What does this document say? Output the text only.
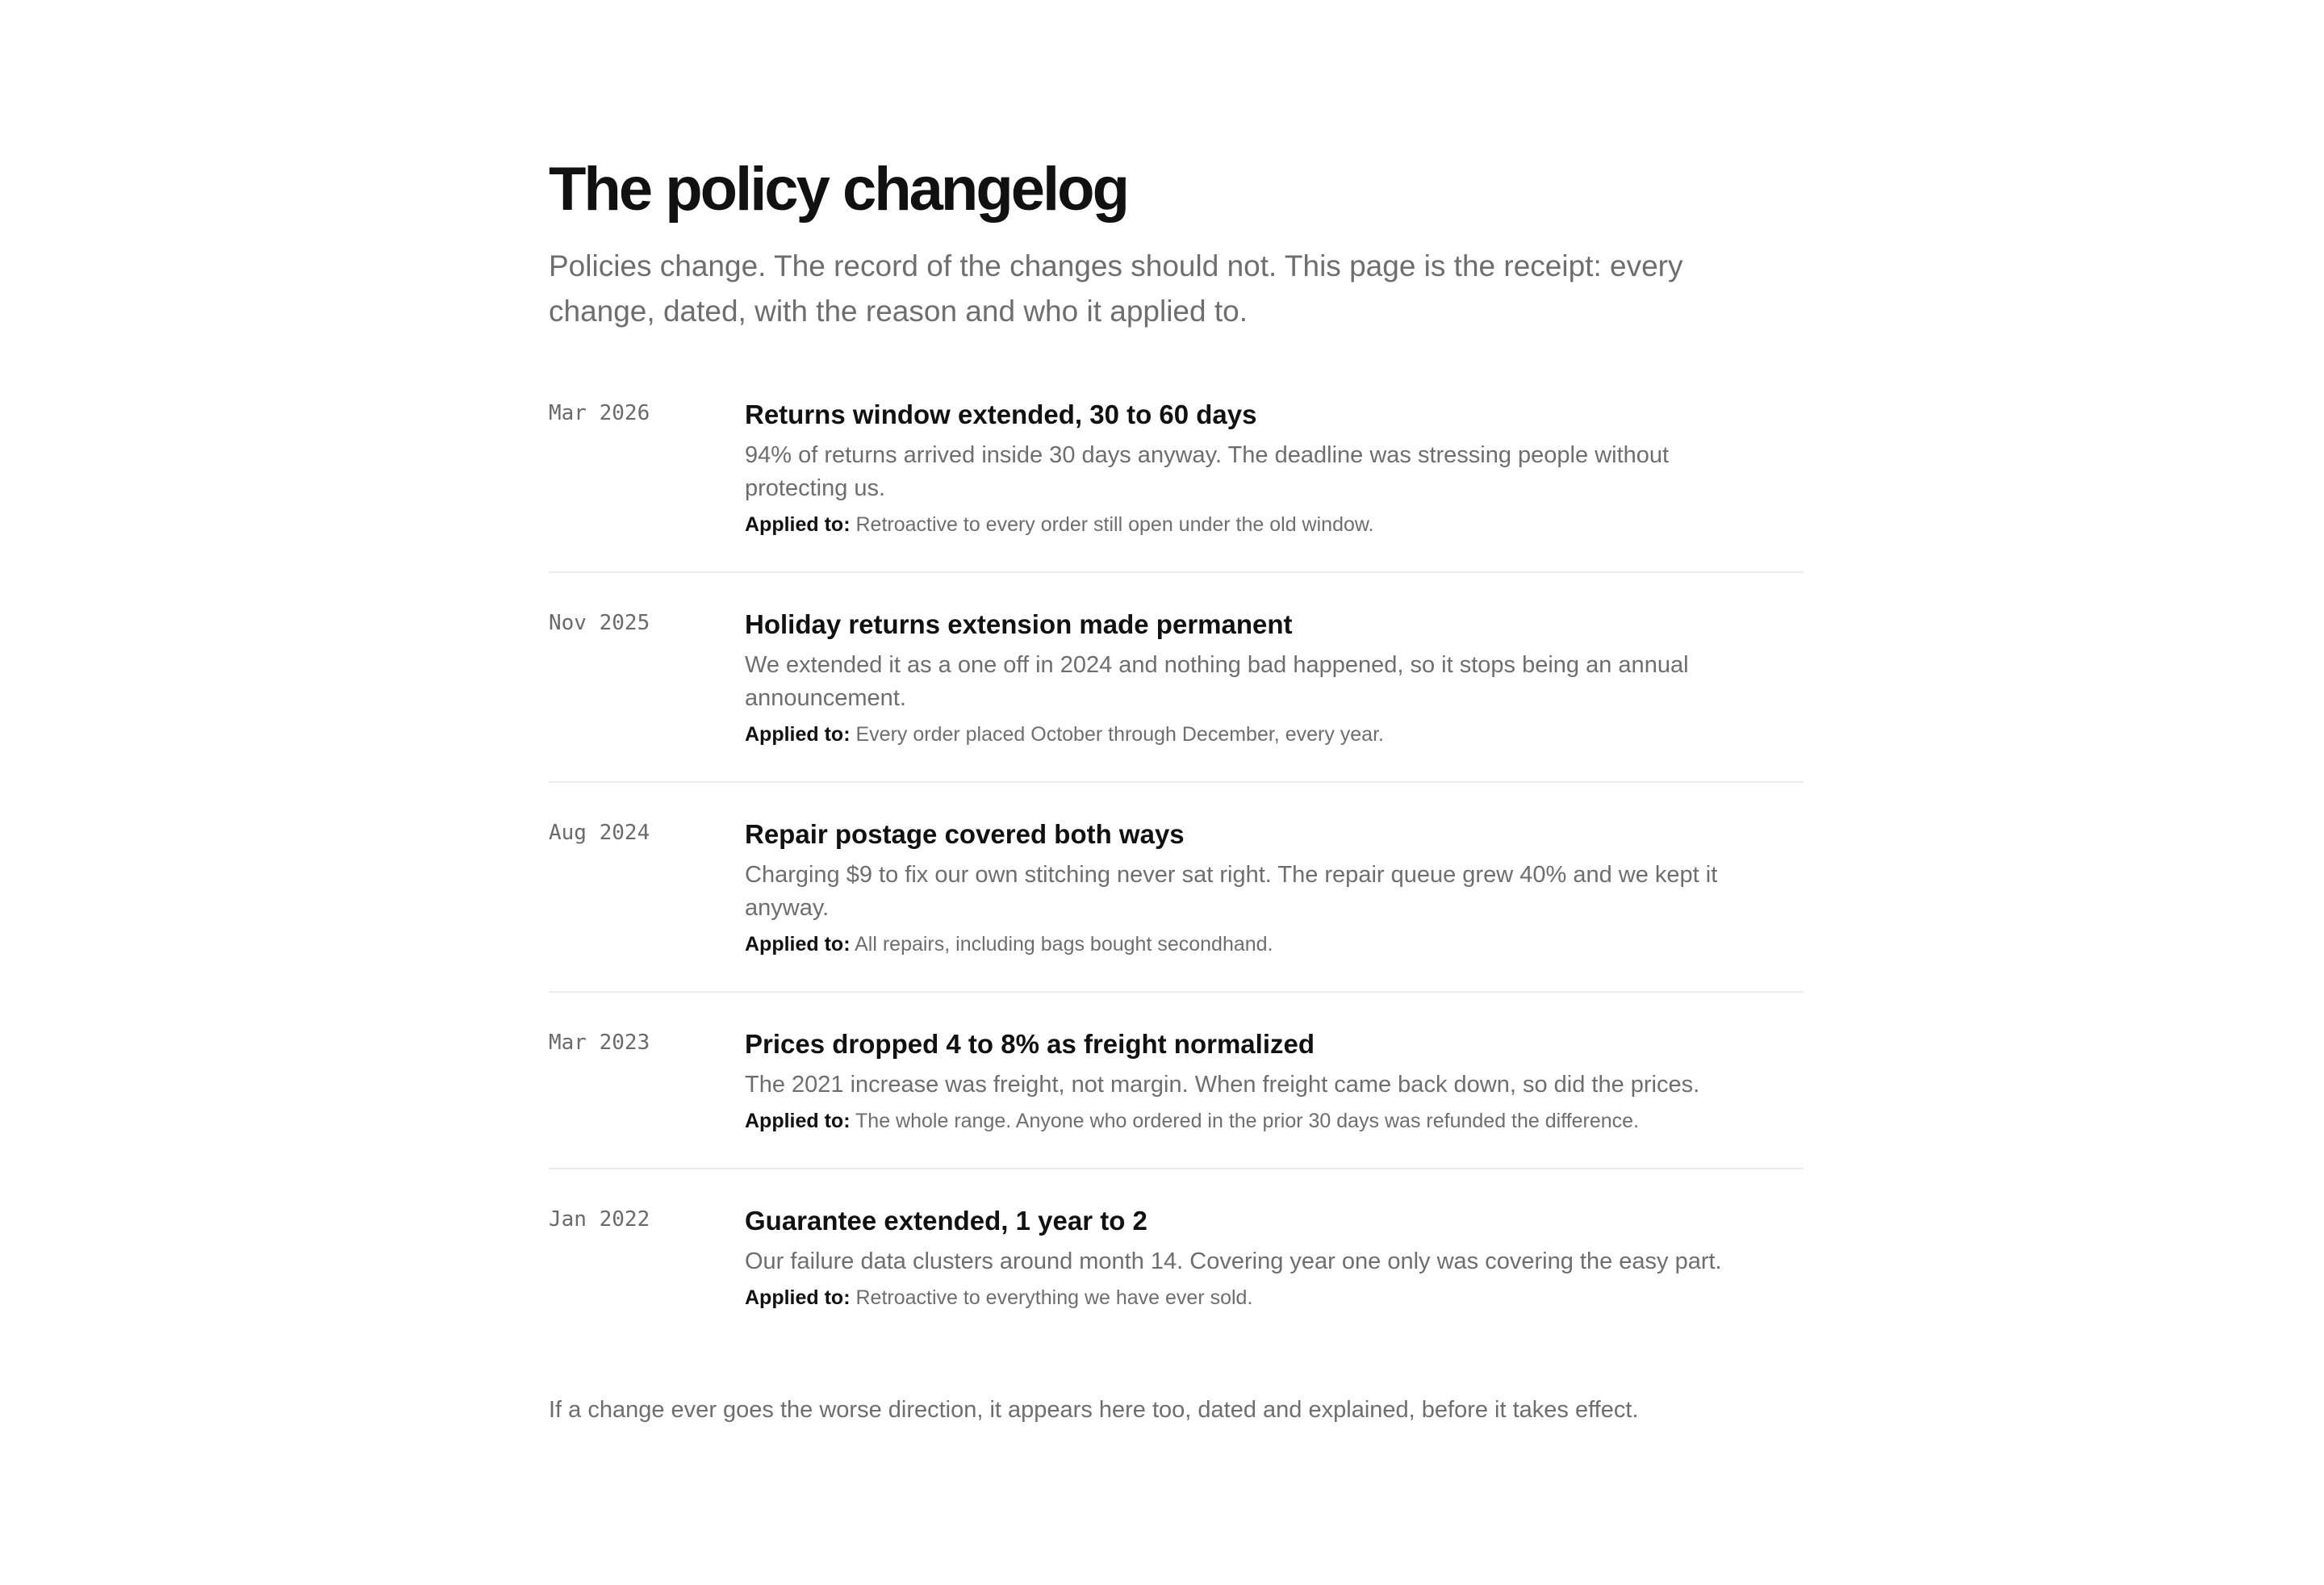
The policy changelog

Policies change. The record of the changes should not. This page is the receipt: every change, dated, with the reason and who it applied to.

Mar 2026	Returns window extended, 30 to 60 days

94% of returns arrived inside 30 days anyway. The deadline was stressing people without protecting us.

Applied to: Retroactive to every order still open under the old window.

Nov 2025	Holiday returns extension made permanent

We extended it as a one off in 2024 and nothing bad happened, so it stops being an annual announcement.

Applied to: Every order placed October through December, every year.

Aug 2024	Repair postage covered both ways

Charging $9 to fix our own stitching never sat right. The repair queue grew 40% and we kept it anyway.

Applied to: All repairs, including bags bought secondhand.

Mar 2023	Prices dropped 4 to 8% as freight normalized

The 2021 increase was freight, not margin. When freight came back down, so did the prices.

Applied to: The whole range. Anyone who ordered in the prior 30 days was refunded the difference.

Jan 2022	Guarantee extended, 1 year to 2

Our failure data clusters around month 14. Covering year one only was covering the easy part.

Applied to: Retroactive to everything we have ever sold.

If a change ever goes the worse direction, it appears here too, dated and explained, before it takes effect.
